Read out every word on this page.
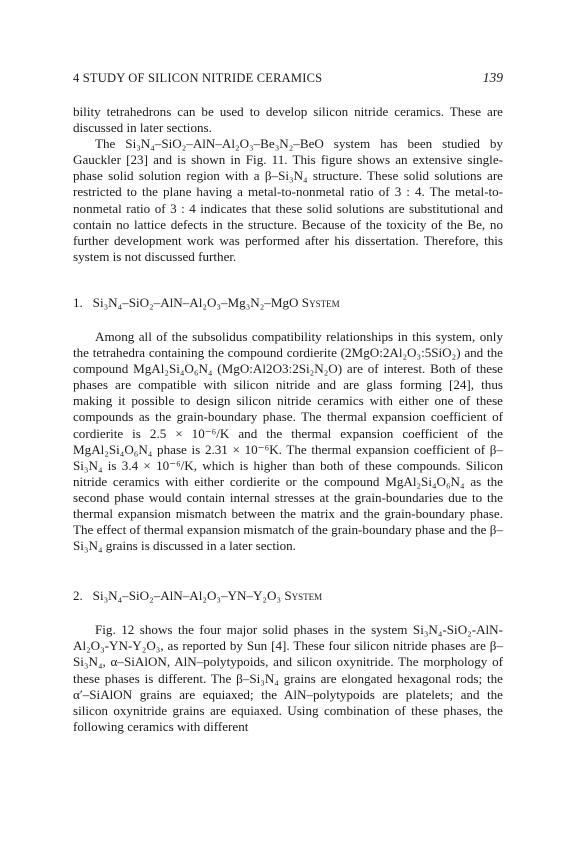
4 STUDY OF SILICON NITRIDE CERAMICS	139

bility tetrahedrons can be used to develop silicon nitride ceramics. These are discussed in later sections.

The Si₃N₄–SiO₂–AlN–Al₂O₃–Be₃N₂–BeO system has been studied by Gauckler [23] and is shown in Fig. 11. This figure shows an extensive single-phase solid solution region with a β–Si₃N₄ structure. These solid solutions are restricted to the plane having a metal-to-nonmetal ratio of 3 : 4. The metal-to-nonmetal ratio of 3 : 4 indicates that these solid solutions are substitutional and contain no lattice defects in the structure. Because of the toxicity of the Be, no further development work was performed after his dissertation. Therefore, this system is not discussed further.

1. Si₃N₄–SiO₂–AlN–Al₂O₃–Mg₃N₂–MgO System

Among all of the subsolidus compatibility relationships in this system, only the tetrahedra containing the compound cordierite (2MgO:2Al₂O₃:5SiO₂) and the compound MgAl₂Si₄O₆N₄ (MgO:Al2O3:2Si₂N₂O) are of interest. Both of these phases are compatible with silicon nitride and are glass forming [24], thus making it possible to design silicon nitride ceramics with either one of these compounds as the grain-boundary phase. The thermal expansion coefficient of cordierite is 2.5 × 10⁻⁶/K and the thermal expansion coefficient of the MgAl₂Si₄O₆N₄ phase is 2.31 × 10⁻⁶K. The thermal expansion coefficient of β–Si₃N₄ is 3.4 × 10⁻⁶/K, which is higher than both of these compounds. Silicon nitride ceramics with either cordierite or the compound MgAl₂Si₄O₆N₄ as the second phase would contain internal stresses at the grain-boundaries due to the thermal expansion mismatch between the matrix and the grain-boundary phase. The effect of thermal expansion mismatch of the grain-boundary phase and the β–Si₃N₄ grains is discussed in a later section.

2. Si₃N₄–SiO₂–AlN–Al₂O₃–YN–Y₂O₃ System

Fig. 12 shows the four major solid phases in the system Si₃N₄-SiO₂-AlN-Al₂O₃-YN-Y₂O₃, as reported by Sun [4]. These four silicon nitride phases are β–Si₃N₄, α–SiAlON, AlN–polytypoids, and silicon oxynitride. The morphology of these phases is different. The β–Si₃N₄ grains are elongated hexagonal rods; the α′–SiAlON grains are equiaxed; the AlN–polytypoids are platelets; and the silicon oxynitride grains are equiaxed. Using combination of these phases, the following ceramics with different
